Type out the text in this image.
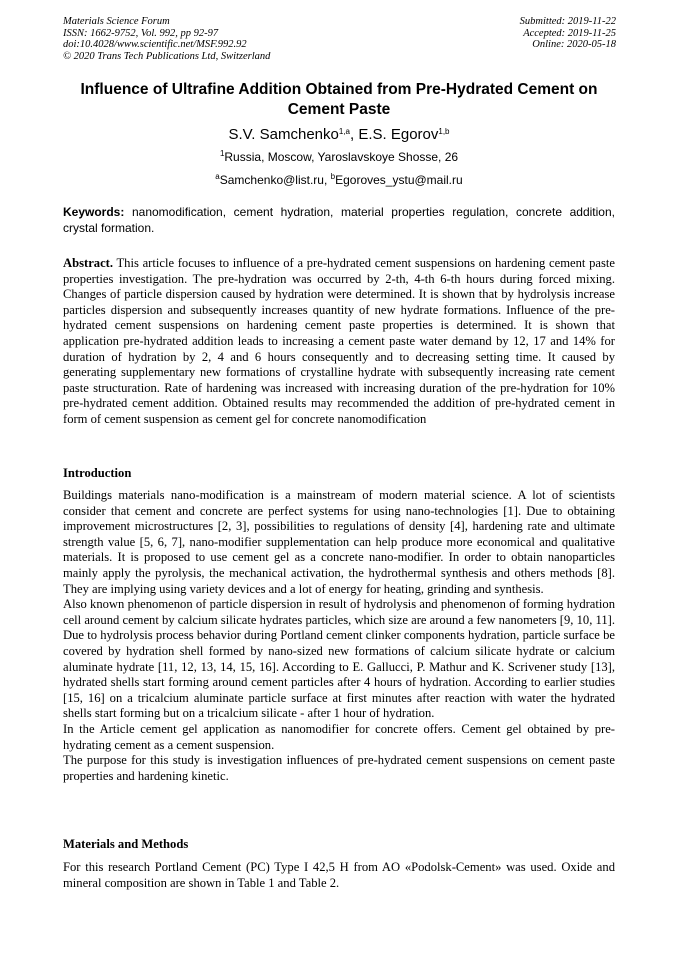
Materials Science Forum
ISSN: 1662-9752, Vol. 992, pp 92-97
doi:10.4028/www.scientific.net/MSF.992.92
© 2020 Trans Tech Publications Ltd, Switzerland
Submitted: 2019-11-22
Accepted: 2019-11-25
Online: 2020-05-18
Influence of Ultrafine Addition Obtained from Pre-Hydrated Cement on Cement Paste
S.V. Samchenko$^{1,a}$, E.S. Egorov$^{1,b}$
$^1$Russia, Moscow, Yaroslavskoye Shosse, 26
$^a$Samchenko@list.ru, $^b$Egoroves_ystu@mail.ru
Keywords: nanomodification, cement hydration, material properties regulation, concrete addition, crystal formation.
Abstract. This article focuses to influence of a pre-hydrated cement suspensions on hardening cement paste properties investigation. The pre-hydration was occurred by 2-th, 4-th 6-th hours during forced mixing. Changes of particle dispersion caused by hydration were determined. It is shown that by hydrolysis increase particles dispersion and subsequently increases quantity of new hydrate formations. Influence of the pre-hydrated cement suspensions on hardening cement paste properties is determined. It is shown that application pre-hydrated addition leads to increasing a cement paste water demand by 12, 17 and 14% for duration of hydration by 2, 4 and 6 hours consequently and to decreasing setting time. It caused by generating supplementary new formations of crystalline hydrate with subsequently increasing rate cement paste structuration. Rate of hardening was increased with increasing duration of the pre-hydration for 10% pre-hydrated cement addition. Obtained results may recommended the addition of pre-hydrated cement in form of cement suspension as cement gel for concrete nanomodification
Introduction

Buildings materials nano-modification is a mainstream of modern material science. A lot of scientists consider that cement and concrete are perfect systems for using nano-technologies [1]. Due to obtaining improvement microstructures [2, 3], possibilities to regulations of density [4], hardening rate and ultimate strength value [5, 6, 7], nano-modifier supplementation can help produce more economical and qualitative materials. It is proposed to use cement gel as a concrete nano-modifier. In order to obtain nanoparticles mainly apply the pyrolysis, the mechanical activation, the hydrothermal synthesis and others methods [8]. They are implying using variety devices and a lot of energy for heating, grinding and synthesis.

Also known phenomenon of particle dispersion in result of hydrolysis and phenomenon of forming hydration cell around cement by calcium silicate hydrates particles, which size are around a few nanometers [9, 10, 11]. Due to hydrolysis process behavior during Portland cement clinker components hydration, particle surface be covered by hydration shell formed by nano-sized new formations of calcium silicate hydrate or calcium aluminate hydrate [11, 12, 13, 14, 15, 16]. According to E. Gallucci, P. Mathur and K. Scrivener study [13], hydrated shells start forming around cement particles after 4 hours of hydration. According to earlier studies [15, 16] on a tricalcium aluminate particle surface at first minutes after reaction with water the hydrated shells start forming but on a tricalcium silicate - after 1 hour of hydration.

In the Article cement gel application as nanomodifier for concrete offers. Cement gel obtained by pre-hydrating cement as a cement suspension.

The purpose for this study is investigation influences of pre-hydrated cement suspensions on cement paste properties and hardening kinetic.

Materials and Methods

For this research Portland Cement (PC) Type I 42,5 H from AO «Podolsk-Cement» was used. Oxide and mineral composition are shown in Table 1 and Table 2.
